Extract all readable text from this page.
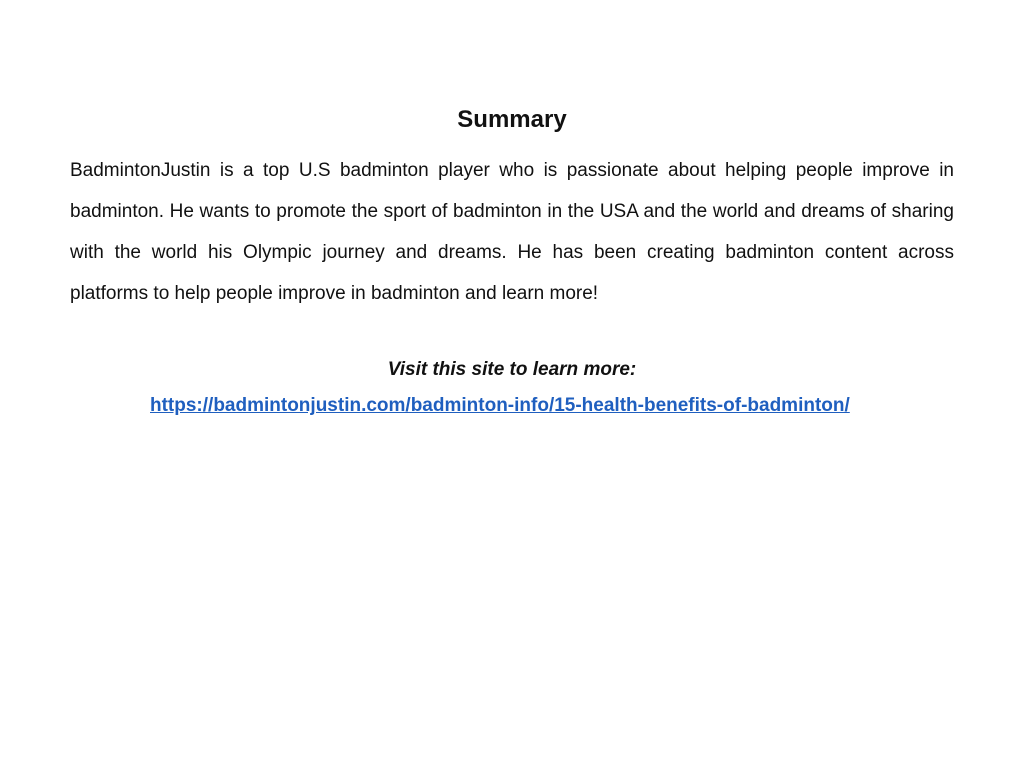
Summary

BadmintonJustin is a top U.S badminton player who is passionate about helping people improve in badminton. He wants to promote the sport of badminton in the USA and the world and dreams of sharing with the world his Olympic journey and dreams. He has been creating badminton content across platforms to help people improve in badminton and learn more!

Visit this site to learn more:
https://badmintonjustin.com/badminton-info/15-health-benefits-of-badminton/
